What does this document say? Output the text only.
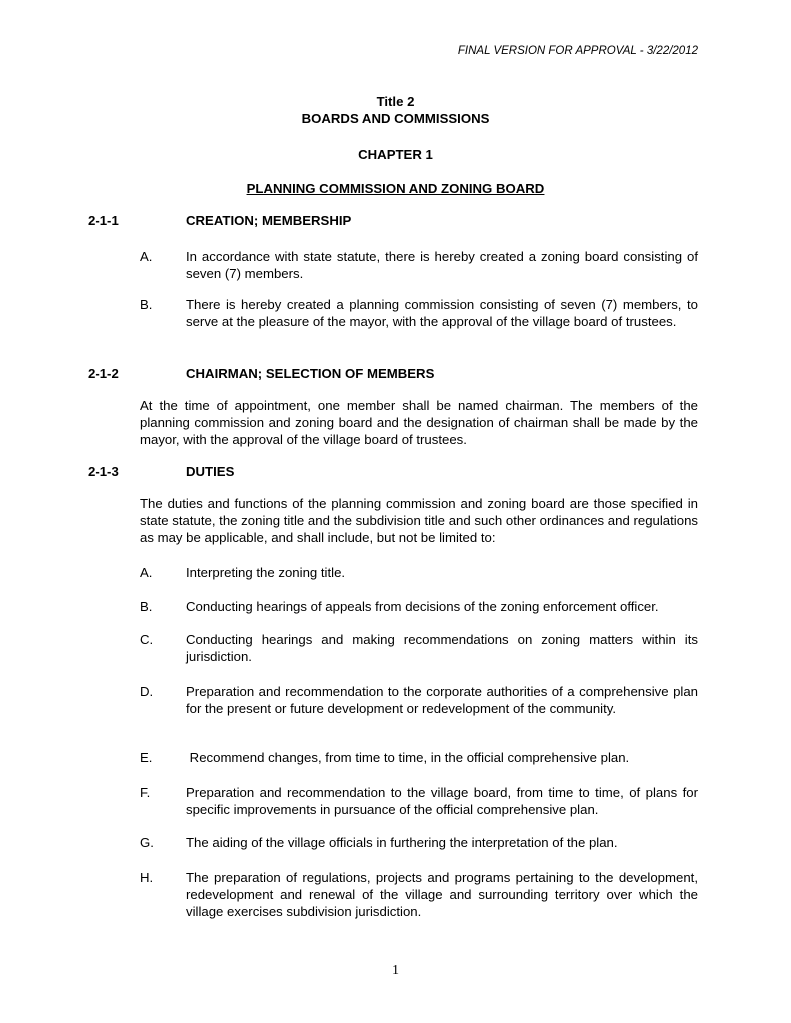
FINAL VERSION FOR APPROVAL - 3/22/2012
Title 2
BOARDS AND COMMISSIONS
CHAPTER 1
PLANNING COMMISSION AND ZONING BOARD
2-1-1	CREATION; MEMBERSHIP
A.	In accordance with state statute, there is hereby created a zoning board consisting of seven (7) members.
B.	There is hereby created a planning commission consisting of seven (7) members, to serve at the pleasure of the mayor, with the approval of the village board of trustees.
2-1-2	CHAIRMAN; SELECTION OF MEMBERS
At the time of appointment, one member shall be named chairman. The members of the planning commission and zoning board and the designation of chairman shall be made by the mayor, with the approval of the village board of trustees.
2-1-3	DUTIES
The duties and functions of the planning commission and zoning board are those specified in state statute, the zoning title and the subdivision title and such other ordinances and regulations as may be applicable, and shall include, but not be limited to:
A.	Interpreting the zoning title.
B.	Conducting hearings of appeals from decisions of the zoning enforcement officer.
C. Conducting hearings and making recommendations on zoning matters within its jurisdiction.
D. Preparation and recommendation to the corporate authorities of a comprehensive plan for the present or future development or redevelopment of the community.
E.	Recommend changes, from time to time, in the official comprehensive plan.
F.	Preparation and recommendation to the village board, from time to time, of plans for specific improvements in pursuance of the official comprehensive plan.
G. The aiding of the village officials in furthering the interpretation of the plan.
H. The preparation of regulations, projects and programs pertaining to the development, redevelopment and renewal of the village and surrounding territory over which the village exercises subdivision jurisdiction.
1
